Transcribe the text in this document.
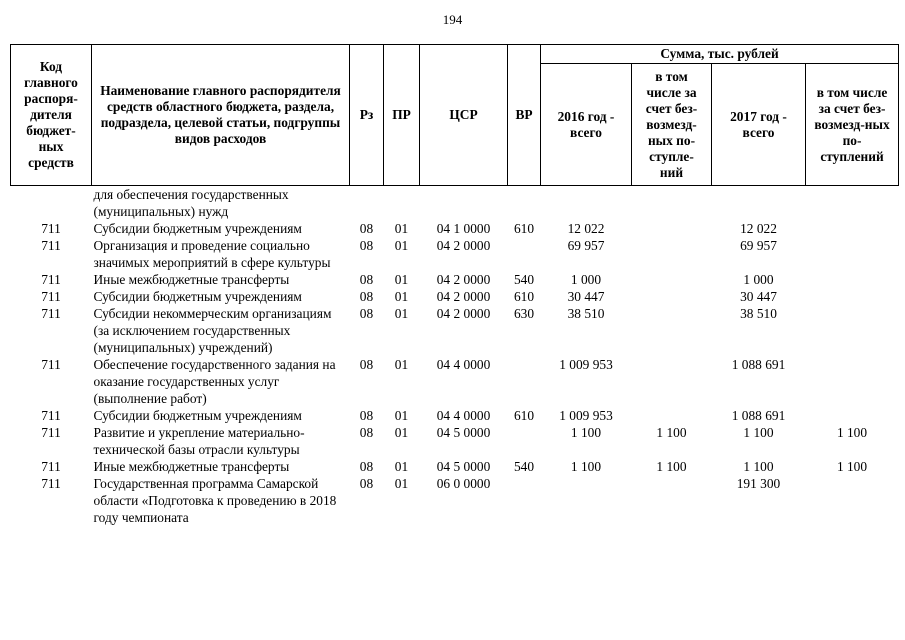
194
Код главного распоря-дителя бюджет-ных средств	Наименование главного распорядителя средств областного бюджета, раздела, подраздела, целевой статьи, подгруппы видов расходов	Рз	ПР	ЦСР	ВР	Сумма, тыс. рублей			
						2016 год - всего	в том числе за счет без-возмезд-ных по-ступле-ний	2017 год - всего	в том числе за счет без-возмезд-ных по-ступлений
	для обеспечения государственных (муниципальных) нужд								
711	Субсидии бюджетным учреждениям	08	01	04 1 0000	610	12 022		12 022	
711	Организация и проведение социально значимых мероприятий в сфере культуры	08	01	04 2 0000		69 957		69 957	
711	Иные межбюджетные трансферты	08	01	04 2 0000	540	1 000		1 000	
711	Субсидии бюджетным учреждениям	08	01	04 2 0000	610	30 447		30 447	
711	Субсидии некоммерческим организациям (за исключением государственных (муниципальных) учреждений)	08	01	04 2 0000	630	38 510		38 510	
711	Обеспечение государственного задания на оказание государственных услуг (выполнение работ)	08	01	04 4 0000		1 009 953		1 088 691	
711	Субсидии бюджетным учреждениям	08	01	04 4 0000	610	1 009 953		1 088 691	
711	Развитие и укрепление материально-технической базы отрасли культуры	08	01	04 5 0000		1 100	1 100	1 100	1 100
711	Иные межбюджетные трансферты	08	01	04 5 0000	540	1 100	1 100	1 100	1 100
711	Государственная программа Самарской области «Подготовка к проведению в 2018 году чемпионата	08	01	06 0 0000				191 300	
